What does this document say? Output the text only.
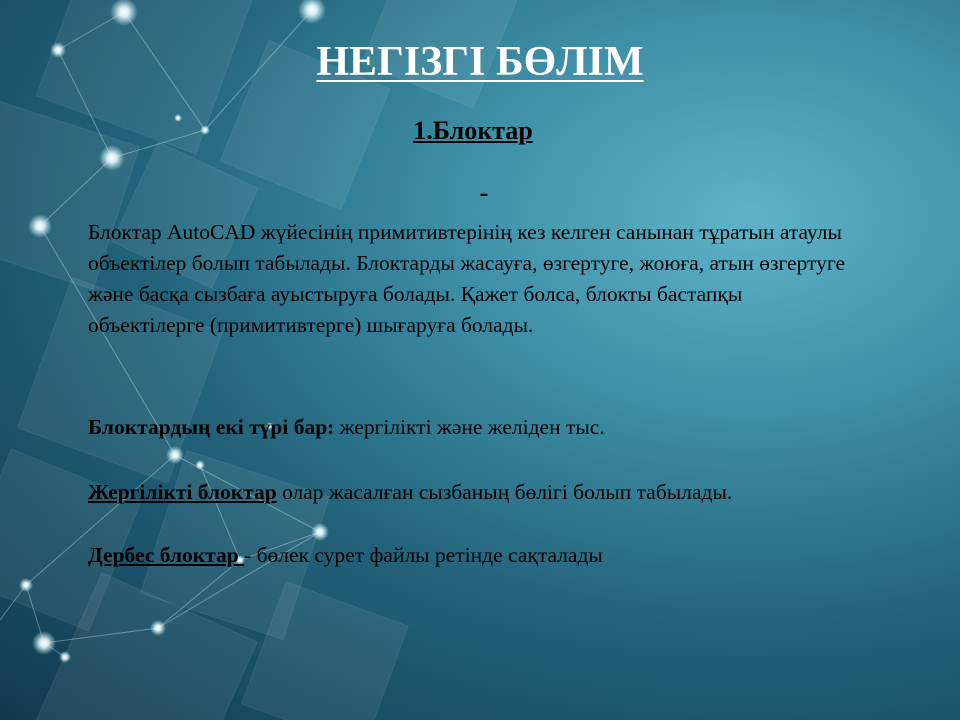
НЕГІЗГІ БӨЛІМ
1.Блоктар
-

Блоктар AutoCAD жүйесінің примитивтерінің кез келген санынан тұратын атаулы объектілер болып табылады. Блоктарды жасауға, өзгертуге, жоюға, атын өзгертуге және басқа сызбаға ауыстыруға болады. Қажет болса, блокты бастапқы объектілерге (примитивтерге) шығаруға болады.

Блоктардың екі түрі бар: жергілікті және желіден тыс.

Жергілікті блоктар олар жасалған сызбаның бөлігі болып табылады.

Дербес блоктар - бөлек сурет файлы ретінде сақталады
